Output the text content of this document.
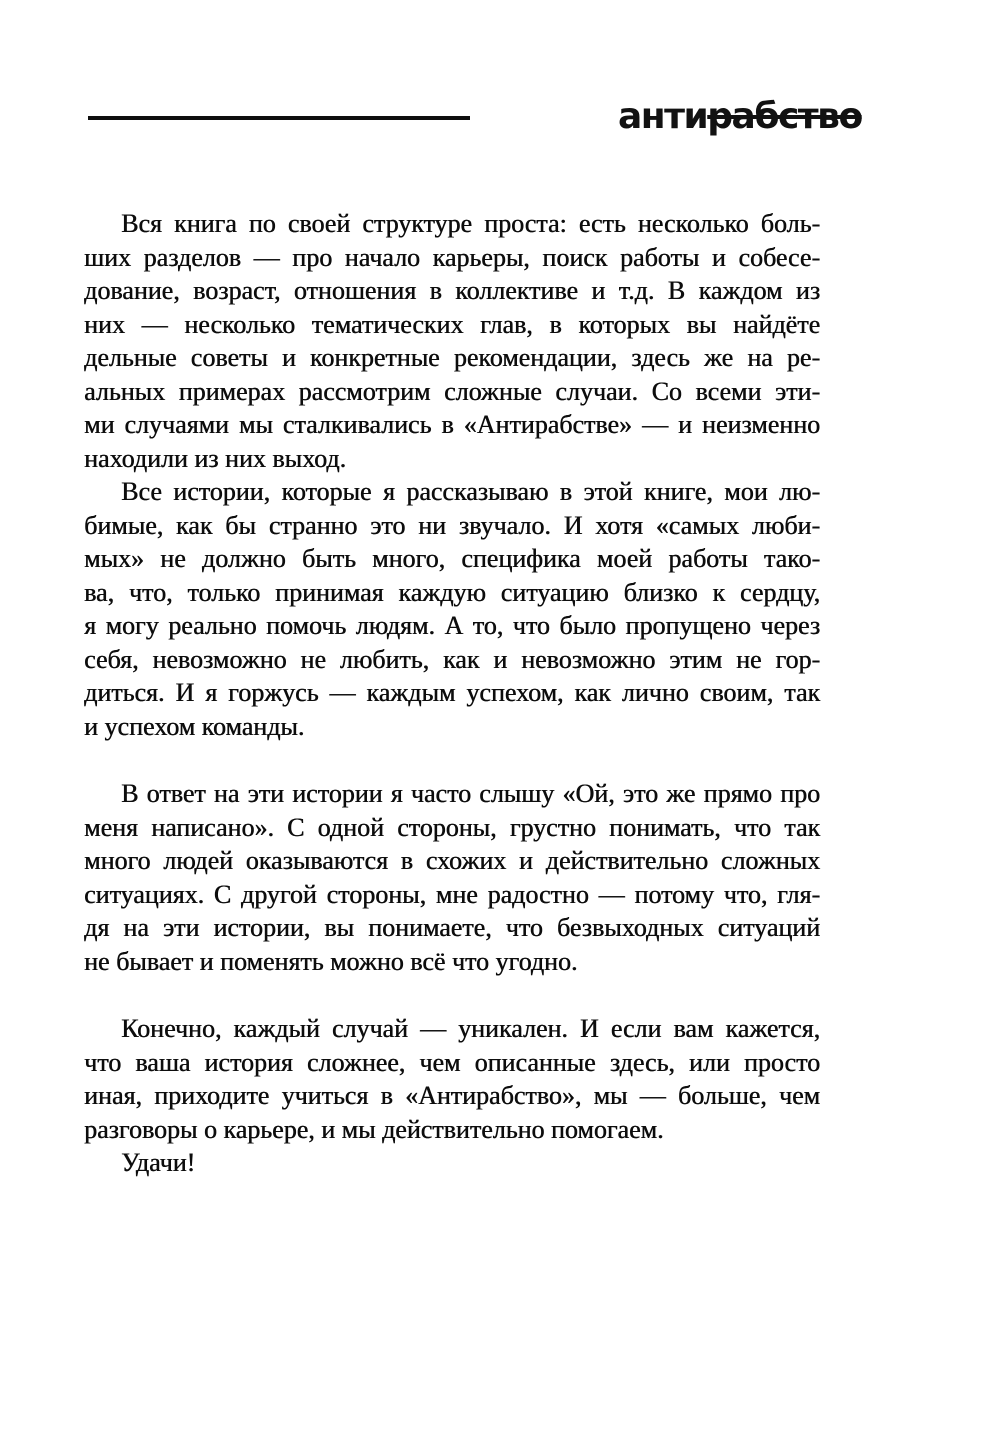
антирабство
Вся книга по своей структуре проста: есть несколько боль-
ших разделов — про начало карьеры, поиск работы и собесе-
дование, возраст, отношения в коллективе и т.д. В каждом из
них — несколько тематических глав, в которых вы найдёте
дельные советы и конкретные рекомендации, здесь же на ре-
альных примерах рассмотрим сложные случаи. Со всеми эти-
ми случаями мы сталкивались в «Антирабстве» — и неизменно
находили из них выход.
Все истории, которые я рассказываю в этой книге, мои лю-
бимые, как бы странно это ни звучало. И хотя «самых люби-
мых» не должно быть много, специфика моей работы тако-
ва, что, только принимая каждую ситуацию близко к сердцу,
я могу реально помочь людям. А то, что было пропущено через
себя, невозможно не любить, как и невозможно этим не гор-
диться. И я горжусь — каждым успехом, как лично своим, так
и успехом команды.
В ответ на эти истории я часто слышу «Ой, это же прямо про
меня написано». С одной стороны, грустно понимать, что так
много людей оказываются в схожих и действительно сложных
ситуациях. С другой стороны, мне радостно — потому что, гля-
дя на эти истории, вы понимаете, что безвыходных ситуаций
не бывает и поменять можно всё что угодно.
Конечно, каждый случай — уникален. И если вам кажется,
что ваша история сложнее, чем описанные здесь, или просто
иная, приходите учиться в «Антирабство», мы — больше, чем
разговоры о карьере, и мы действительно помогаем.
Удачи!
